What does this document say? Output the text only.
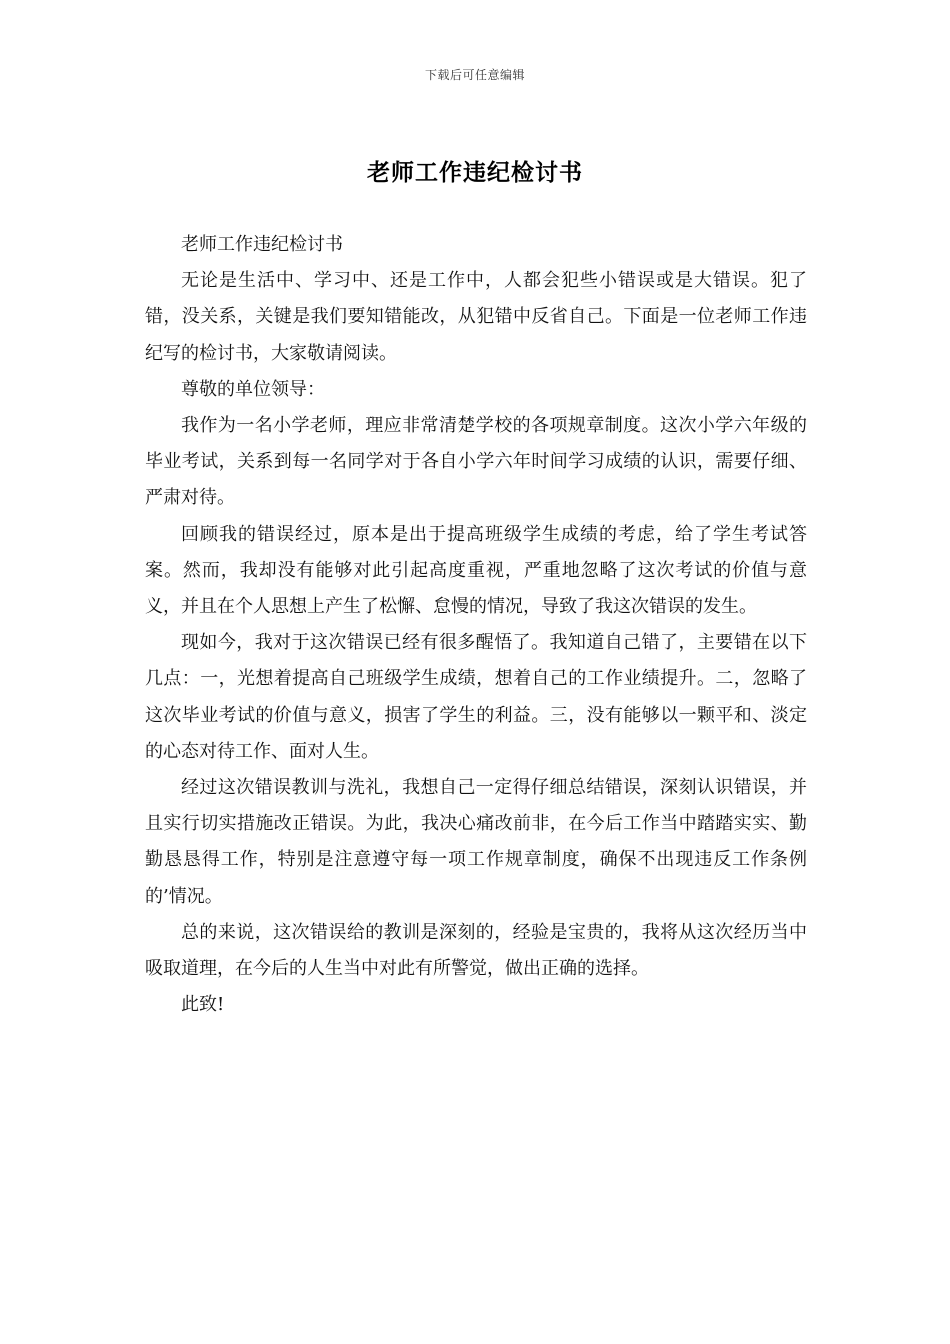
下载后可任意编辑
老师工作违纪检讨书

老师工作违纪检讨书

无论是生活中、学习中、还是工作中，人都会犯些小错误或是大错误。犯了错，没关系，关键是我们要知错能改，从犯错中反省自己。下面是一位老师工作违纪写的检讨书，大家敬请阅读。

尊敬的单位领导：

我作为一名小学老师，理应非常清楚学校的各项规章制度。这次小学六年级的毕业考试，关系到每一名同学对于各自小学六年时间学习成绩的认识，需要仔细、严肃对待。

回顾我的错误经过，原本是出于提高班级学生成绩的考虑，给了学生考试答案。然而，我却没有能够对此引起高度重视，严重地忽略了这次考试的价值与意义，并且在个人思想上产生了松懈、怠慢的情况，导致了我这次错误的发生。

现如今，我对于这次错误已经有很多醒悟了。我知道自己错了，主要错在以下几点：一，光想着提高自己班级学生成绩，想着自己的工作业绩提升。二，忽略了这次毕业考试的价值与意义，损害了学生的利益。三，没有能够以一颗平和、淡定的心态对待工作、面对人生。

经过这次错误教训与洗礼，我想自己一定得仔细总结错误，深刻认识错误，并且实行切实措施改正错误。为此，我决心痛改前非，在今后工作当中踏踏实实、勤勤恳恳得工作，特别是注意遵守每一项工作规章制度，确保不出现违反工作条例的’情况。

总的来说，这次错误给的教训是深刻的，经验是宝贵的，我将从这次经历当中吸取道理，在今后的人生当中对此有所警觉，做出正确的选择。

此致!
